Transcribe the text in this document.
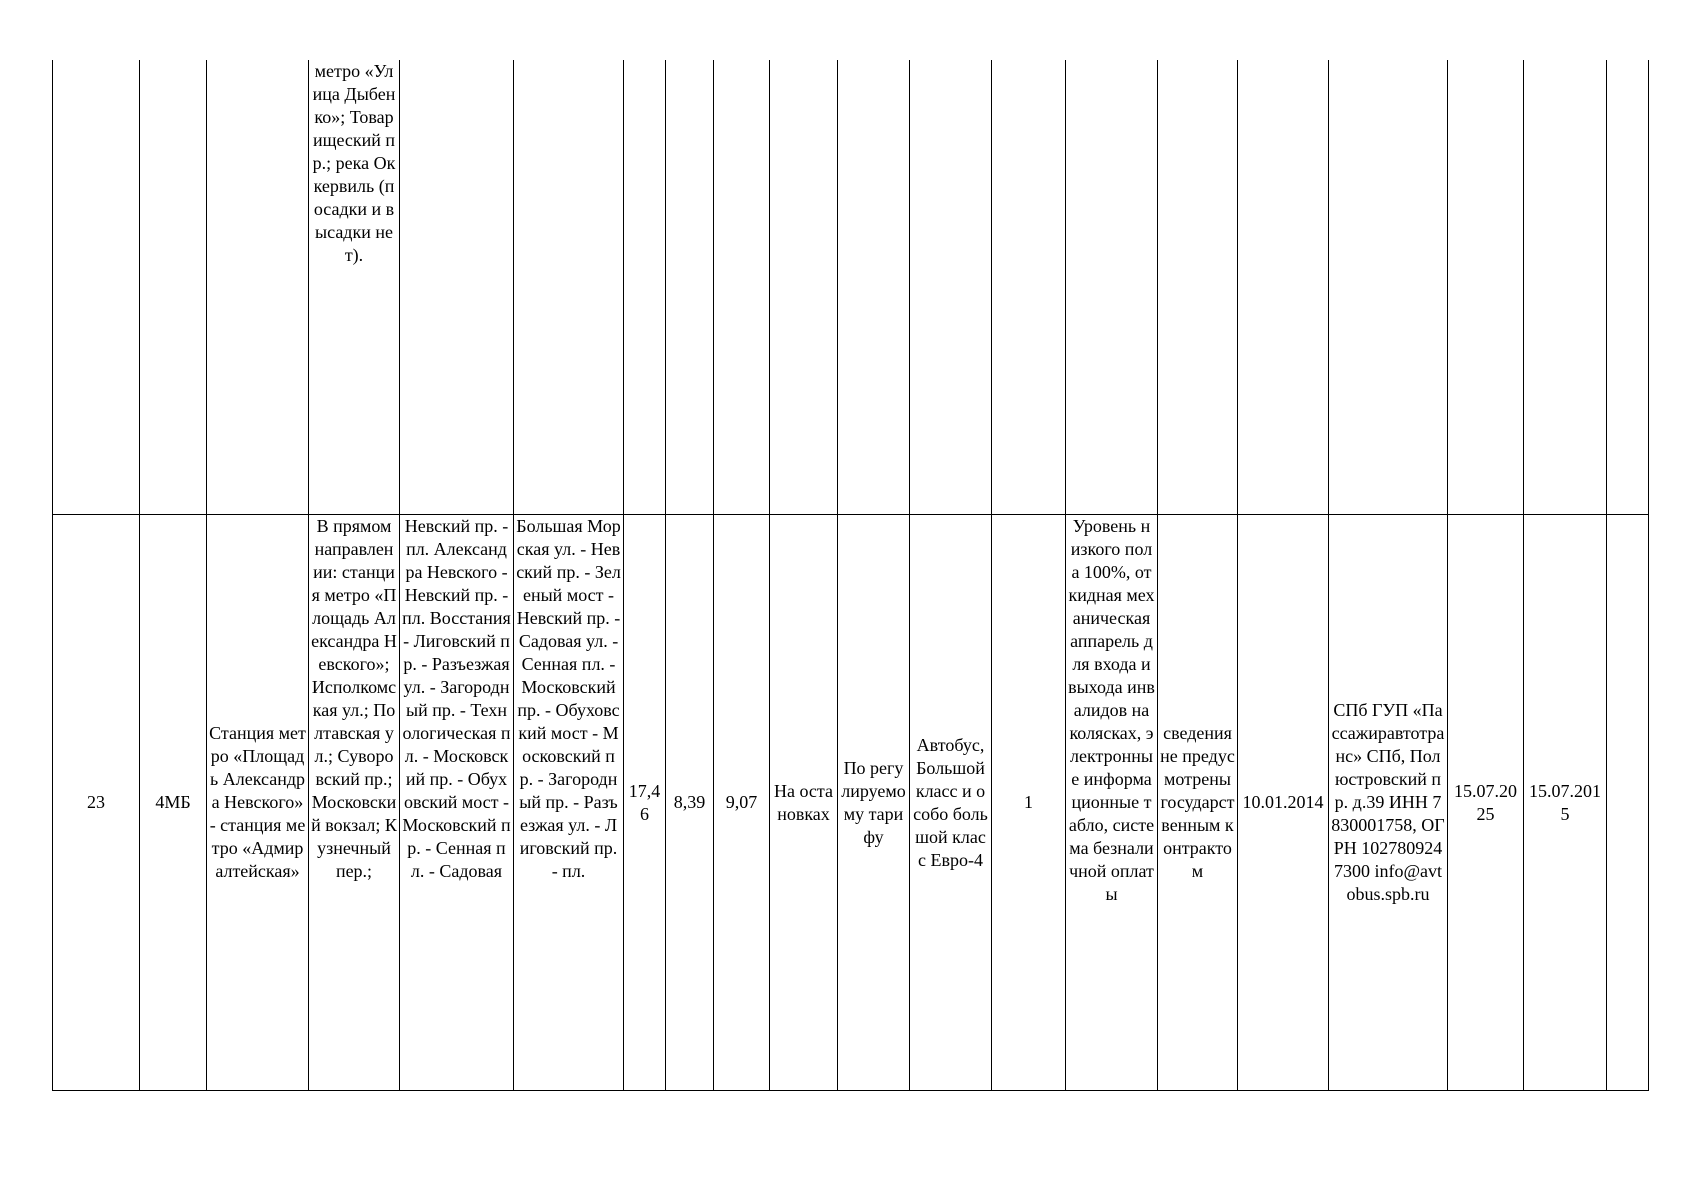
			метро «Улица Дыбенко»; Товарищеский пр.; река Оккервиль (посадки и высадки нет).																
23	4МБ	Станция метро «Площадь Александра Невского» - станция метро «Адмиралтейская»	В прямом направлении: станция метро «Площадь Александра Невского»; Исполкомская ул.; Полтавская ул.; Суворовский пр.; Московский вокзал; Кузнечный пер.;	Невский пр. - пл. Александра Невского - Невский пр. - пл. Восстания - Лиговский пр. - Разъезжая ул. - Загородный пр. - Технологическая пл. - Московский пр. - Обуховский мост - Московский пр. - Сенная пл. - Садовая	Большая Морская ул. - Невский пр. - Зеленый мост - Невский пр. - Садовая ул. - Сенная пл. - Московский пр. - Обуховский мост - Московский пр. - Загородный пр. - Разъезжая ул. - Лиговский пр. - пл.	17,46	8,39	9,07	На остановках	По регулируемому тарифу	Автобус, Большой класс и особо большой класс Евро-4	1	Уровень низкого пола 100%, откидная механическая аппарель для входа и выхода инвалидов на колясках, электронные информационные табло, система безналичной оплаты	сведения не предусмотрены государственным контрактом	10.01.2014	СПб ГУП «Пассажиравтотранс» СПб, Полюстровский пр. д.39 ИНН 7830001758, ОГРН 1027809247300 info@avtobus.spb.ru	15.07.2025	15.07.2015	
